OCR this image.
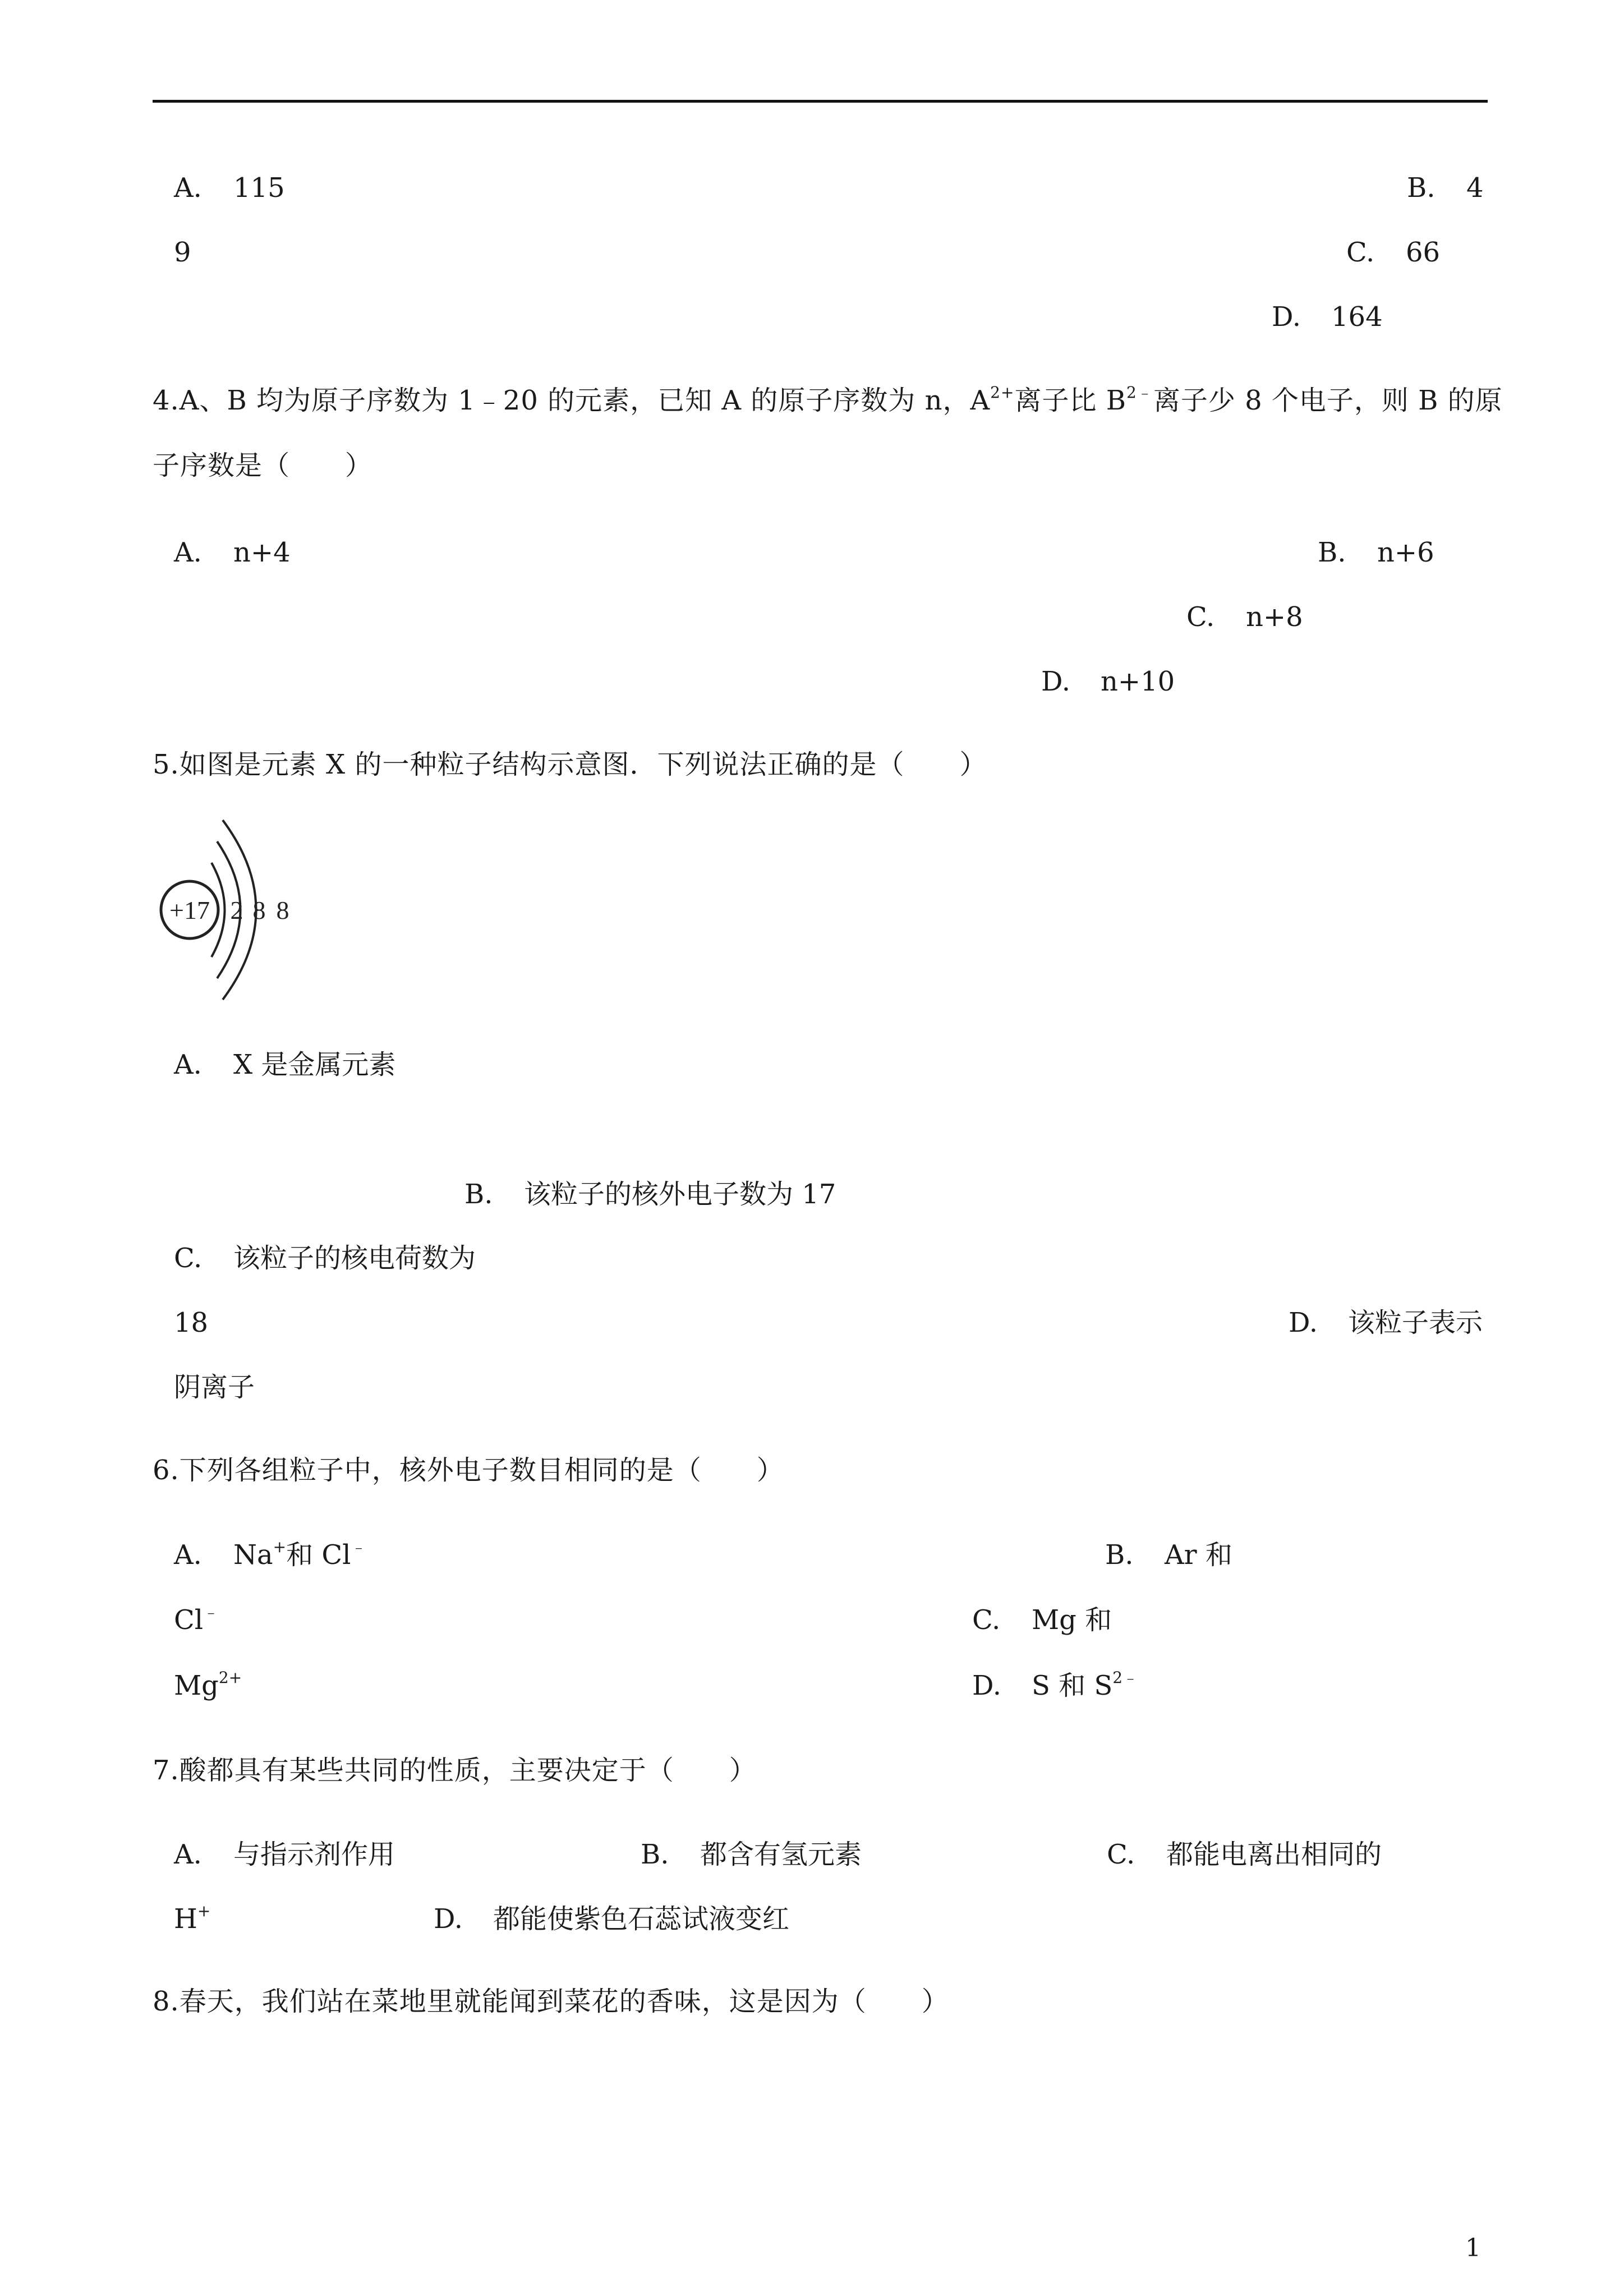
A. 115	B. 4
9	C. 66
D. 164
4.A、B 均为原子序数为 1﹣20 的元素，已知 A 的原子序数为 n，$A^{2+}$离子比 $B^{2﹣}$离子少 8 个电子，则 B 的原
子序数是（　　）
A. n+4	B. n+6
C. n+8
D. n+10
5.如图是元素 X 的一种粒子结构示意图．下列说法正确的是（　　）
+17 2 8 8
A. X 是金属元素
B. 该粒子的核外电子数为 17
C. 该粒子的核电荷数为
18	D. 该粒子表示
阴离子
6.下列各组粒子中，核外电子数目相同的是（　　）
A. Na+和 Cl﹣	B. Ar 和
Cl﹣	C. Mg 和
$Mg^{2+}$	D. S 和 $S^{2﹣}$
7.酸都具有某些共同的性质，主要决定于（　　）
A. 与指示剂作用	B. 都含有氢元素	C. 都能电离出相同的
H+	D. 都能使紫色石蕊试液变红
8.春天，我们站在菜地里就能闻到菜花的香味，这是因为（　　）
1
